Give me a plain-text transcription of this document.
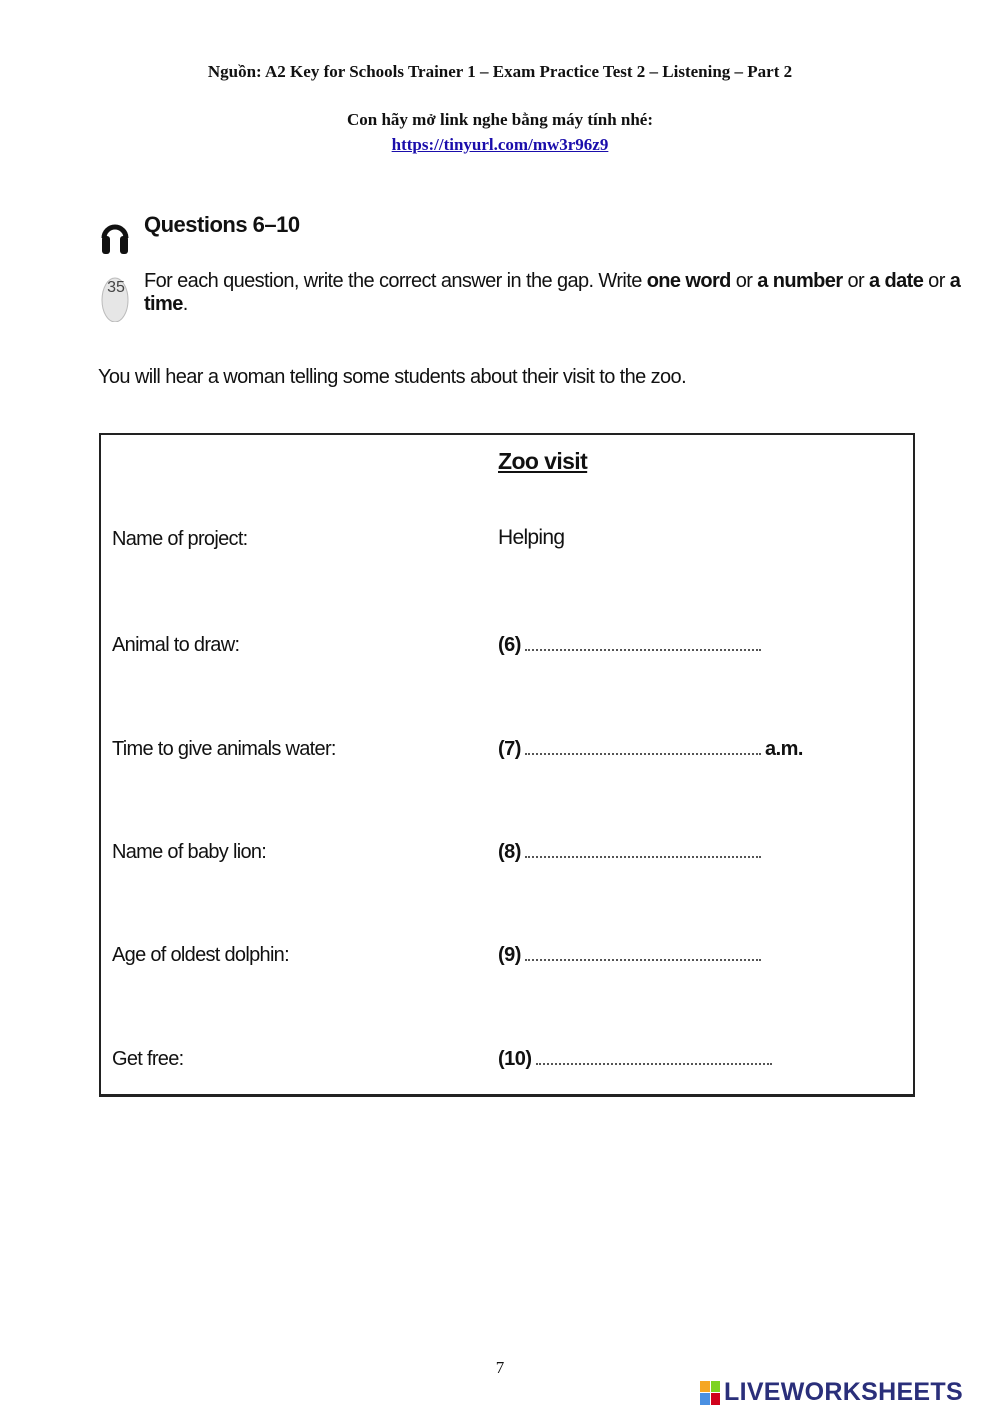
Nguồn: A2 Key for Schools Trainer 1 – Exam Practice Test 2 – Listening – Part 2
Con hãy mở link nghe bằng máy tính nhé:
https://tinyurl.com/mw3r96z9
35
Questions 6–10
For each question, write the correct answer in the gap. Write one word or a number or a date or a time.
You will hear a woman telling some students about their visit to the zoo.
Zoo visit
Name of project:	Helping
Animal to draw:	(6)
Time to give animals water:	(7)	a.m.
Name of baby lion:	(8)
Age of oldest dolphin:	(9)
Get free:	(10)
7
LIVEWORKSHEETS
